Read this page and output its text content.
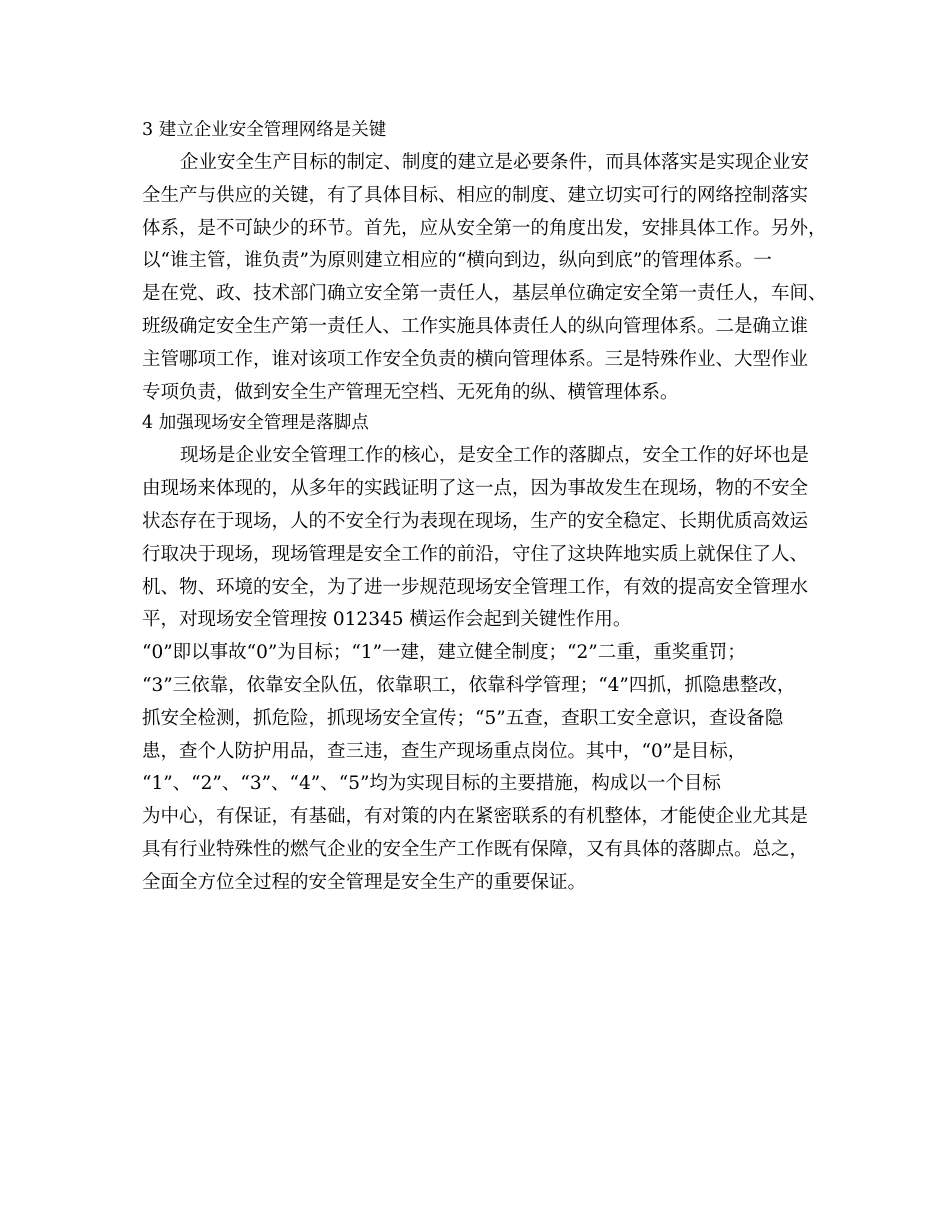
3 建立企业安全管理网络是关键
企业安全生产目标的制定、制度的建立是必要条件，而具体落实是实现企业安
全生产与供应的关键，有了具体目标、相应的制度、建立切实可行的网络控制落实
体系，是不可缺少的环节。首先，应从安全第一的角度出发，安排具体工作。另外，
以“谁主管，谁负责”为原则建立相应的“横向到边，纵向到底”的管理体系。一
是在党、政、技术部门确立安全第一责任人，基层单位确定安全第一责任人，车间、
班级确定安全生产第一责任人、工作实施具体责任人的纵向管理体系。二是确立谁
主管哪项工作，谁对该项工作安全负责的横向管理体系。三是特殊作业、大型作业
专项负责，做到安全生产管理无空档、无死角的纵、横管理体系。
4 加强现场安全管理是落脚点
现场是企业安全管理工作的核心，是安全工作的落脚点，安全工作的好坏也是
由现场来体现的，从多年的实践证明了这一点，因为事故发生在现场，物的不安全
状态存在于现场，人的不安全行为表现在现场，生产的安全稳定、长期优质高效运
行取决于现场，现场管理是安全工作的前沿，守住了这块阵地实质上就保住了人、
机、物、环境的安全，为了进一步规范现场安全管理工作，有效的提高安全管理水
平，对现场安全管理按 012345 横运作会起到关键性作用。
“0”即以事故“0”为目标；“1”一建，建立健全制度；“2”二重，重奖重罚；
“3”三依靠，依靠安全队伍，依靠职工，依靠科学管理；“4”四抓，抓隐患整改，
抓安全检测，抓危险，抓现场安全宣传；“5”五查，查职工安全意识，查设备隐
患，查个人防护用品，查三违，查生产现场重点岗位。其中，“0”是目标，
“1”、“2”、“3”、“4”、“5”均为实现目标的主要措施，构成以一个目标
为中心，有保证，有基础，有对策的内在紧密联系的有机整体，才能使企业尤其是
具有行业特殊性的燃气企业的安全生产工作既有保障，又有具体的落脚点。总之，
全面全方位全过程的安全管理是安全生产的重要保证。
